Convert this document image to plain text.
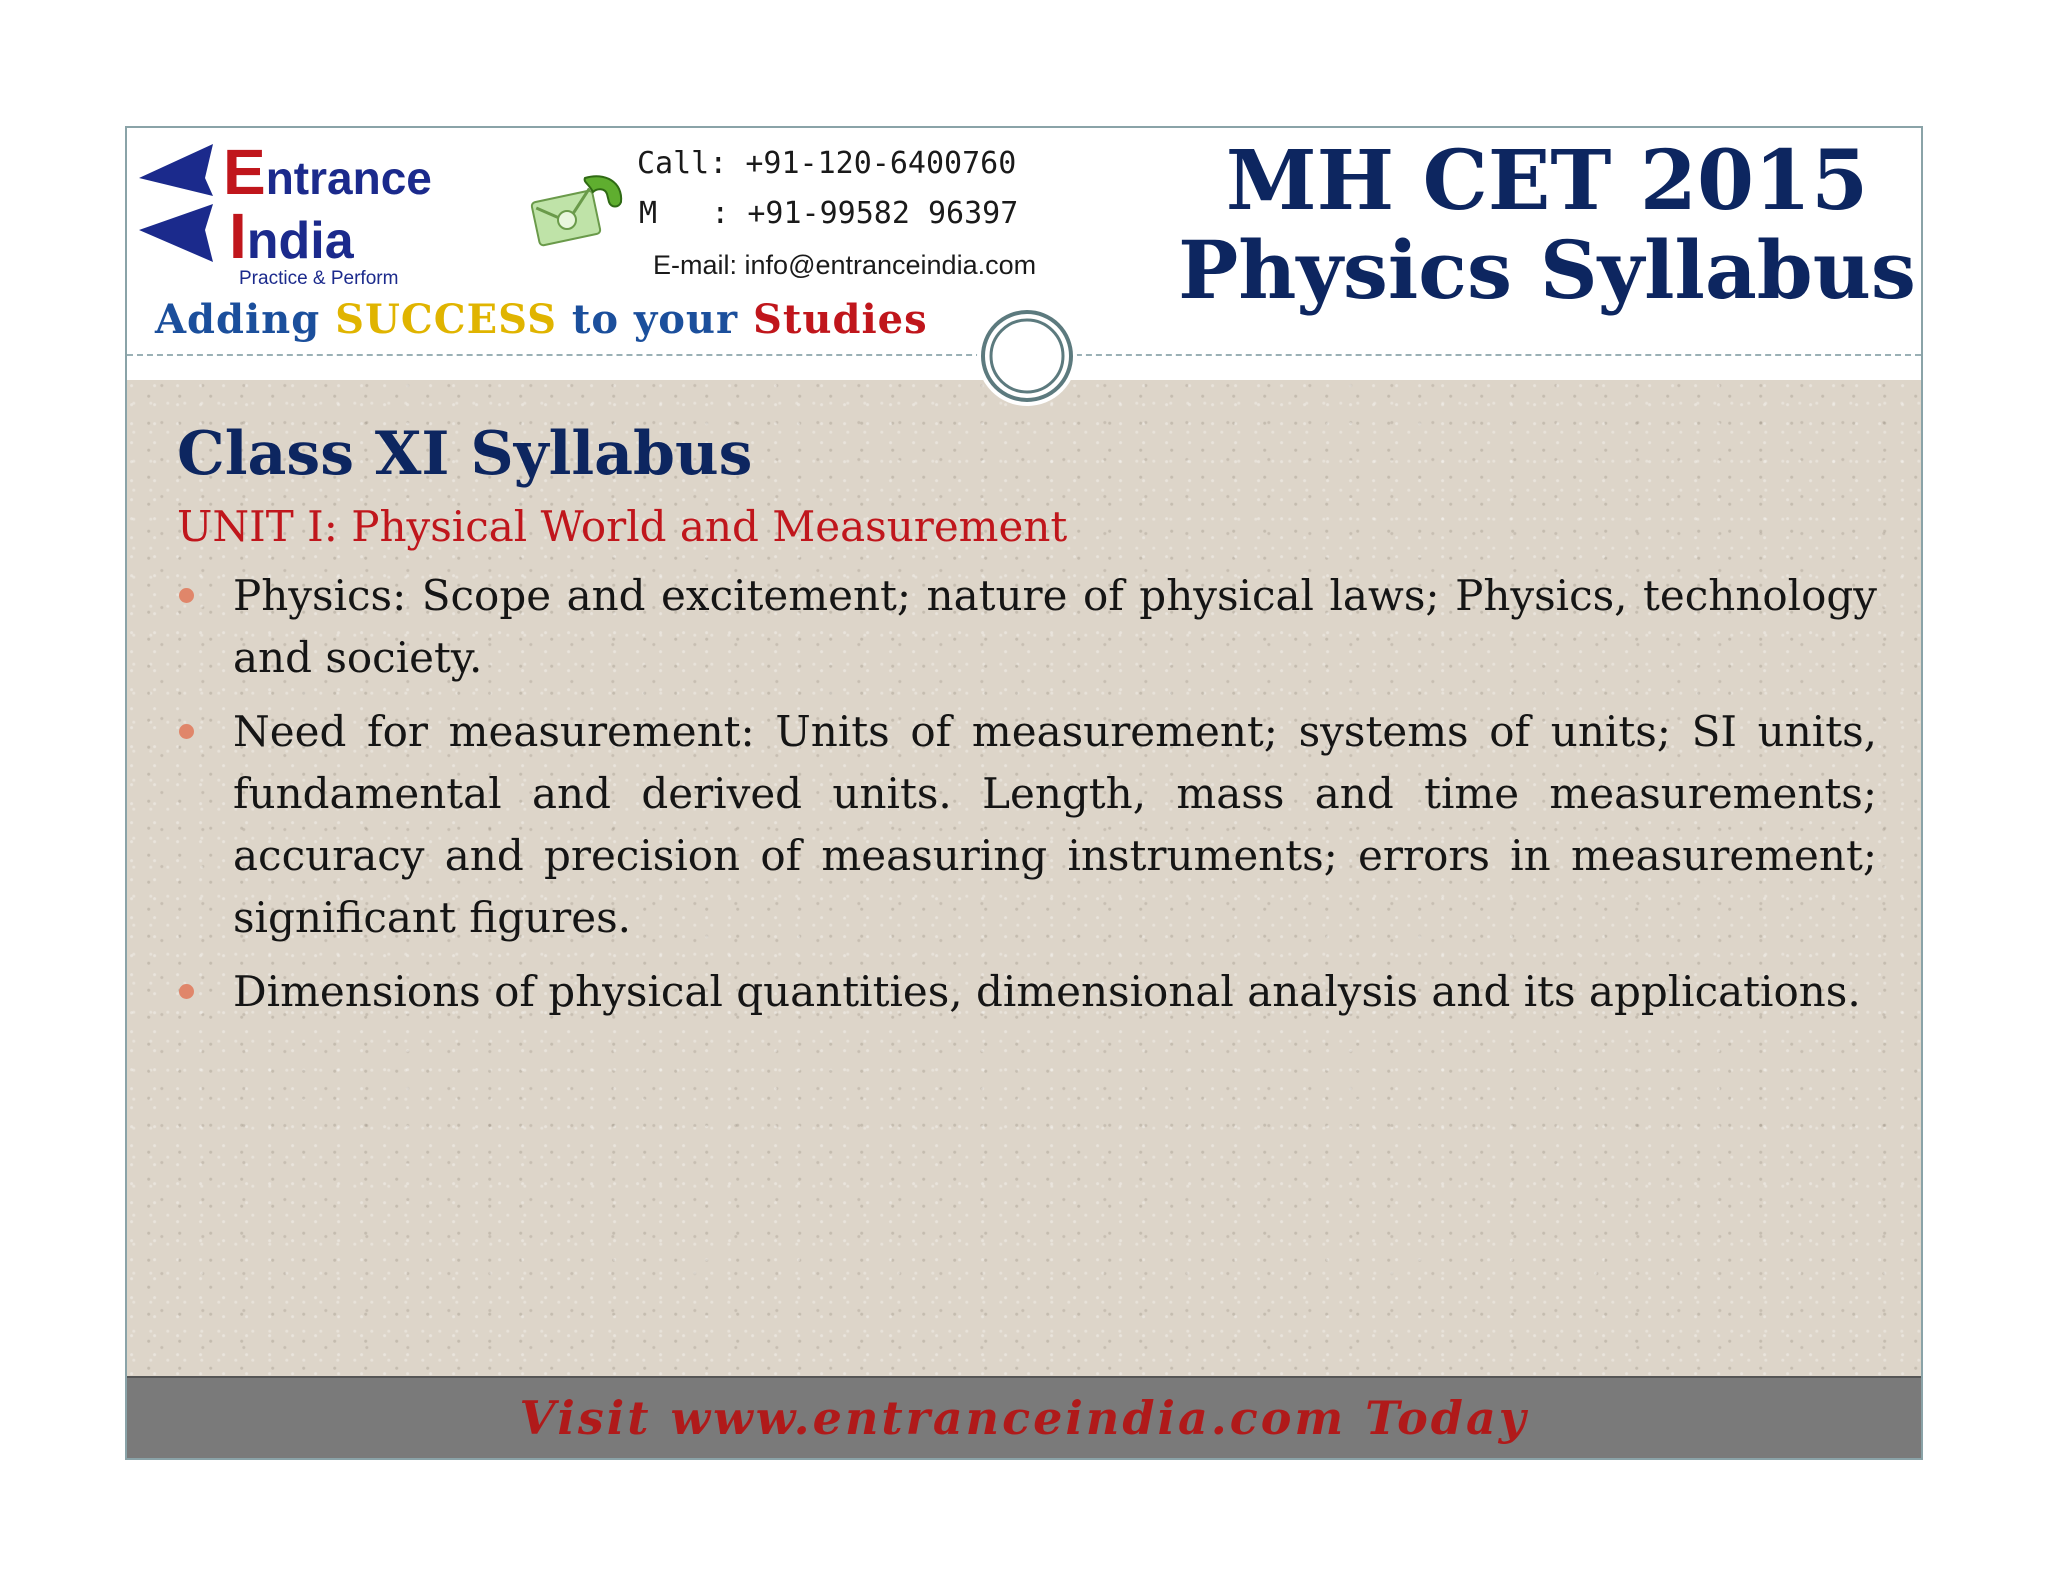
Entrance
India
Practice & Perform
Adding SUCCESS to your Studies
Call: +91-120-6400760
M : +91-99582 96397
E-mail: info@entranceindia.com
MH CET 2015
Physics Syllabus
Class XI Syllabus
UNIT I: Physical World and Measurement
Physics: Scope and excitement; nature of physical laws; Physics, technology and society.
Need for measurement: Units of measurement; systems of units; SI units, fundamental and derived units. Length, mass and time measurements; accuracy and precision of measuring instruments; errors in measurement; significant figures.
Dimensions of physical quantities, dimensional analysis and its applications.
Visit www.entranceindia.com Today
